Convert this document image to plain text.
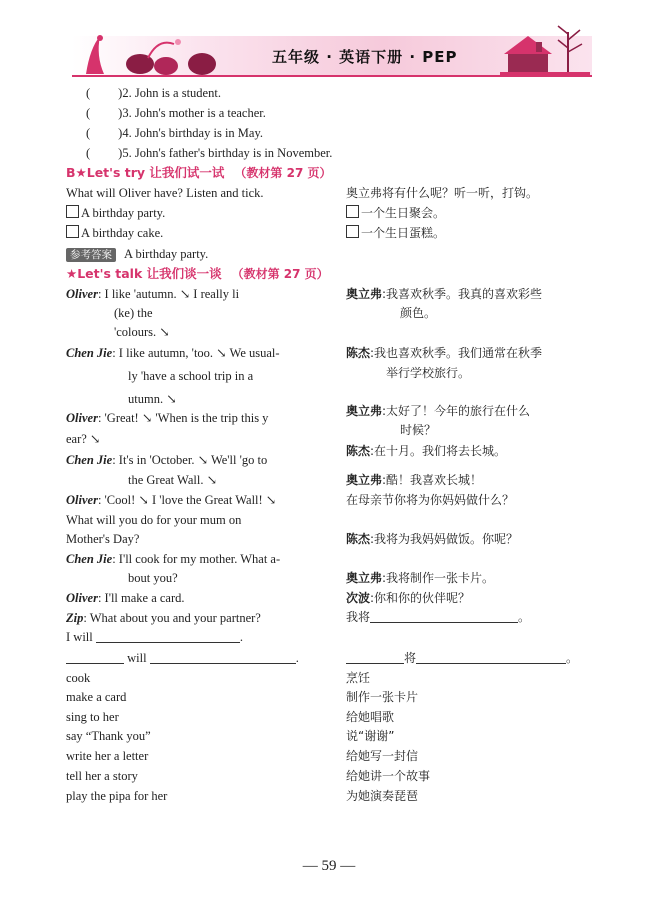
五年级 · 英语下册 · PEP
( )2. John is a student.
( )3. John's mother is a teacher.
( )4. John's birthday is in May.
( )5. John's father's birthday is in November.
B★Let's try 让我们试一试 （教材第 27 页）
What will Oliver have? Listen and tick.	奥立弗将有什么呢？听一听，打钩。
A birthday party.	一个生日聚会。
A birthday cake.	一个生日蛋糕。
参考答案 A birthday party.
★Let's talk 让我们谈一谈 （教材第 27 页）
Oliver: I like 'autumn. ↘ I really li
(ke) the
'colours. ↘
Chen Jie: I like autumn, 'too. ↘ We usual-
ly 'have a school trip in a
utumn. ↘
Oliver: 'Great! ↘ 'When is the trip this y
ear? ↘
Chen Jie: It's in 'October. ↘ We'll 'go to
the Great Wall. ↘
Oliver: 'Cool! ↘ I 'love the Great Wall! ↘
What will you do for your mum on
Mother's Day?
Chen Jie: I'll cook for my mother. What a-
bout you?
Oliver: I'll make a card.
Zip: What about you and your partner?
I will	.
will	.
奥立弗:我喜欢秋季。我真的喜欢彩些
颜色。
陈杰:我也喜欢秋季。我们通常在秋季
举行学校旅行。
奥立弗:太好了！今年的旅行在什么
时候？
陈杰:在十月。我们将去长城。
奥立弗:酷！我喜欢长城！
在母亲节你将为你妈妈做什么？
陈杰:我将为我妈妈做饭。你呢？
奥立弗:我将制作一张卡片。
次波:你和你的伙伴呢？
我将	。
将	。
cook	烹饪
make a card	制作一张卡片
sing to her	给她唱歌
say “Thank you”	说“谢谢”
write her a letter	给她写一封信
tell her a story	给她讲一个故事
play the pipa for her	为她演奏琵琶
— 59 —
